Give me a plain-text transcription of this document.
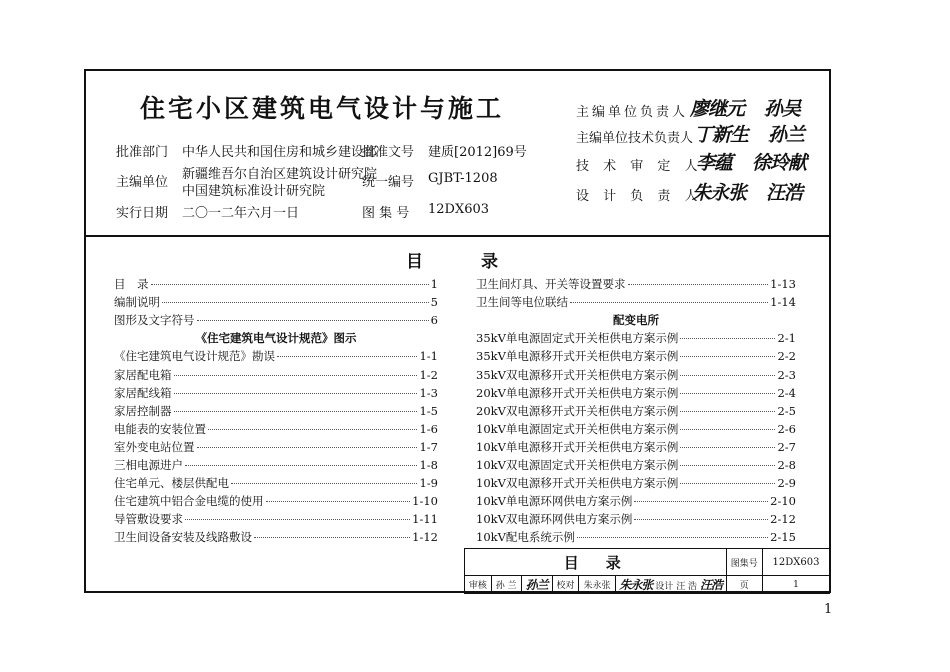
住宅小区建筑电气设计与施工
批准部门 中华人民共和国住房和城乡建设部
批准文号 建质[2012]69号
主编单位
新疆维吾尔自治区建筑设计研究院
中国建筑标准设计研究院
统一编号 GJBT-1208
实行日期 二〇一二年六月一日	图 集 号 12DX603
主编单位负责人 廖继元 孙吴
主编单位技术负责人 丁新生 孙兰
技 术 审 定 人
李蕴 徐玲献
设 计 负 责 人
朱永张 汪浩
目　　录
目　录	1
编制说明	5
图形及文字符号	6
《住宅建筑电气设计规范》图示
《住宅建筑电气设计规范》勘误	1-1
家居配电箱	1-2
家居配线箱	1-3
家居控制器	1-5
电能表的安装位置	1-6
室外变电站位置	1-7
三相电源进户	1-8
住宅单元、楼层供配电	1-9
住宅建筑中铝合金电缆的使用	1-10
导管敷设要求	1-11
卫生间设备安装及线路敷设	1-12
卫生间灯具、开关等设置要求	1-13
卫生间等电位联结	1-14
配变电所
35kV单电源固定式开关柜供电方案示例	2-1
35kV单电源移开式开关柜供电方案示例	2-2
35kV双电源移开式开关柜供电方案示例	2-3
20kV单电源移开式开关柜供电方案示例	2-4
20kV双电源移开式开关柜供电方案示例	2-5
10kV单电源固定式开关柜供电方案示例	2-6
10kV单电源移开式开关柜供电方案示例	2-7
10kV双电源固定式开关柜供电方案示例	2-8
10kV双电源移开式开关柜供电方案示例	2-9
10kV单电源环网供电方案示例	2-10
10kV双电源环网供电方案示例	2-12
10kV配电系统示例	2-15
目　录						图集号	12DX603
审核	孙 兰	孙兰	校对	朱永张	朱永张 设计 汪 浩 汪浩	页	1
1
